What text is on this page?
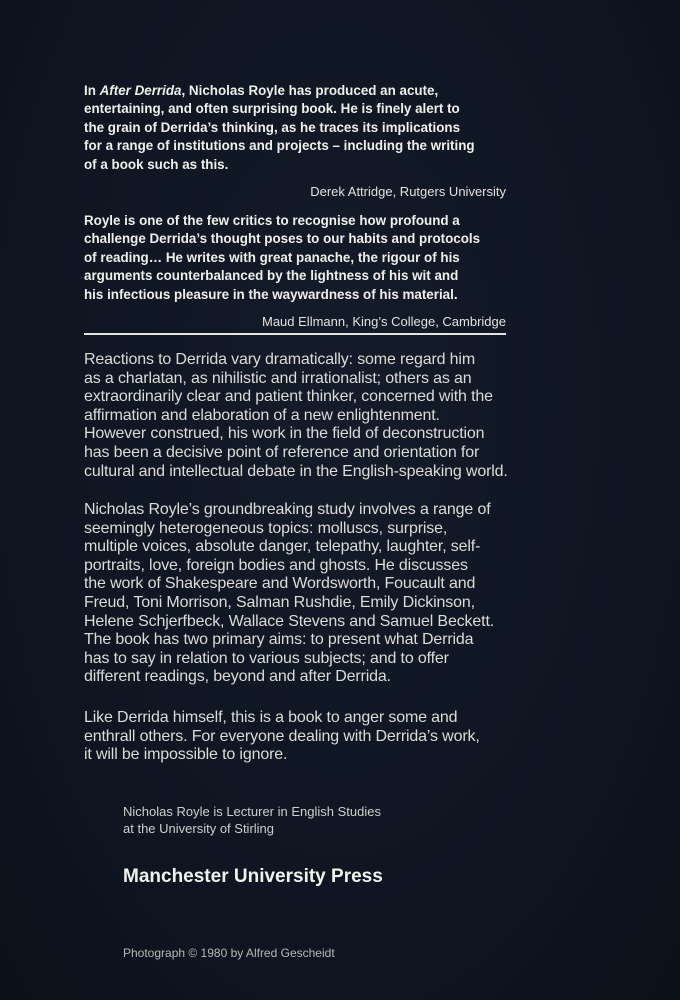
In After Derrida, Nicholas Royle has produced an acute,

entertaining, and often surprising book. He is finely alert to

the grain of Derrida’s thinking, as he traces its implications

for a range of institutions and projects – including the writing

of a book such as this.

Derek Attridge, Rutgers University

Royle is one of the few critics to recognise how profound a

challenge Derrida’s thought poses to our habits and protocols

of reading… He writes with great panache, the rigour of his

arguments counterbalanced by the lightness of his wit and

his infectious pleasure in the waywardness of his material.

Maud Ellmann, King’s College, Cambridge

Reactions to Derrida vary dramatically: some regard him

as a charlatan, as nihilistic and irrationalist; others as an

extraordinarily clear and patient thinker, concerned with the

affirmation and elaboration of a new enlightenment.

However construed, his work in the field of deconstruction

has been a decisive point of reference and orientation for

cultural and intellectual debate in the English-speaking world.

Nicholas Royle’s groundbreaking study involves a range of

seemingly heterogeneous topics: molluscs, surprise,

multiple voices, absolute danger, telepathy, laughter, self-

portraits, love, foreign bodies and ghosts. He discusses

the work of Shakespeare and Wordsworth, Foucault and

Freud, Toni Morrison, Salman Rushdie, Emily Dickinson,

Helene Schjerfbeck, Wallace Stevens and Samuel Beckett.

The book has two primary aims: to present what Derrida

has to say in relation to various subjects; and to offer

different readings, beyond and after Derrida.

Like Derrida himself, this is a book to anger some and

enthrall others. For everyone dealing with Derrida’s work,

it will be impossible to ignore.

Nicholas Royle is Lecturer in English Studies

at the University of Stirling

Manchester University Press

Photograph © 1980 by Alfred Gescheidt
